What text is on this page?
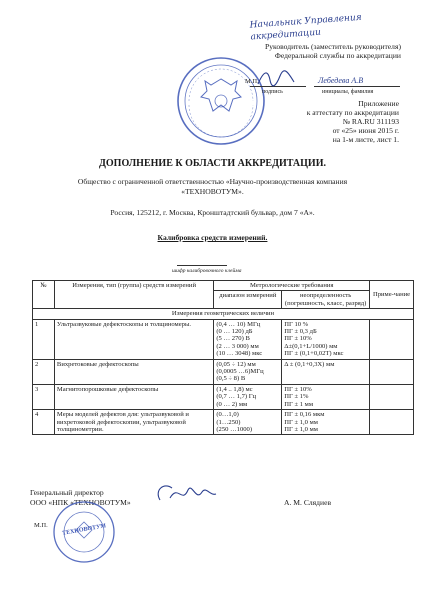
Начальник Управления аккредитации
Руководитель (заместитель руководителя)
Федеральной службы по аккредитации
М.П.	Лебедева А.В
подпись	инициалы, фамилия
Приложение
к аттестату по аккредитации
№ RA.RU 311193
от «25» июня 2015 г.
на 1-м листе, лист 1.
ДОПОЛНЕНИЕ К ОБЛАСТИ АККРЕДИТАЦИИ.
Общество с ограниченной ответственностью «Научно-производственная компания
«ТЕХНОВОТУМ».
Россия, 125212, г. Москва, Кронштадтский бульвар, дом 7 «А».
Калибровка средств измерений.
шифр калибровочного клейма
№	Измерения, тип (группа) средств измерений	Метрологические требования		Приме-чание
		диапазон измерений	неопределенность (погрешность, класс, разряд)	
Измерения геометрических величин				
1	Ультразвуковые дефектоскопы и толщиномеры.	(0,4 … 10) МГц
(0 … 120) дБ
(5 … 270) В
(2 … 3 000) мм
(10 … 3048) мкс	ПГ 10 %
ПГ ± 0,3 дБ
ПГ ± 10%
Δ±(0,1+L/1000) мм
ПГ ± (0,1+0,02Т) мкс	
2	Вихретоковые дефектоскопы	(0,05 ÷ 12) мм
(0,0005 …6)МГц
(0,5 ÷ 8) В	Δ ± (0,1+0,3Х) мм	
3	Магнитопорошковые дефектоскопы	(1,4 .. 1,8) мс
(0,7 … 1,7) Гц
(0 … 2) мм	ПГ ± 10%
ПГ ± 1%
ПГ ± 1 мм	
4	Меры моделей дефектов для: ультразвуковой и вихретоковой дефектоскопии, ультразвуковой толщинометрии.	(0…1,0)
(1…250)
(250 …1000)	ПГ ± 0,16 мкм
ПГ ± 1,0 мм
ПГ ± 1,0 мм	
Генеральный директор
ООО «НПК «ТЕХНОВОТУМ»	А. М. Слядиев
ТЕХНОВОТУМ
М.П.
